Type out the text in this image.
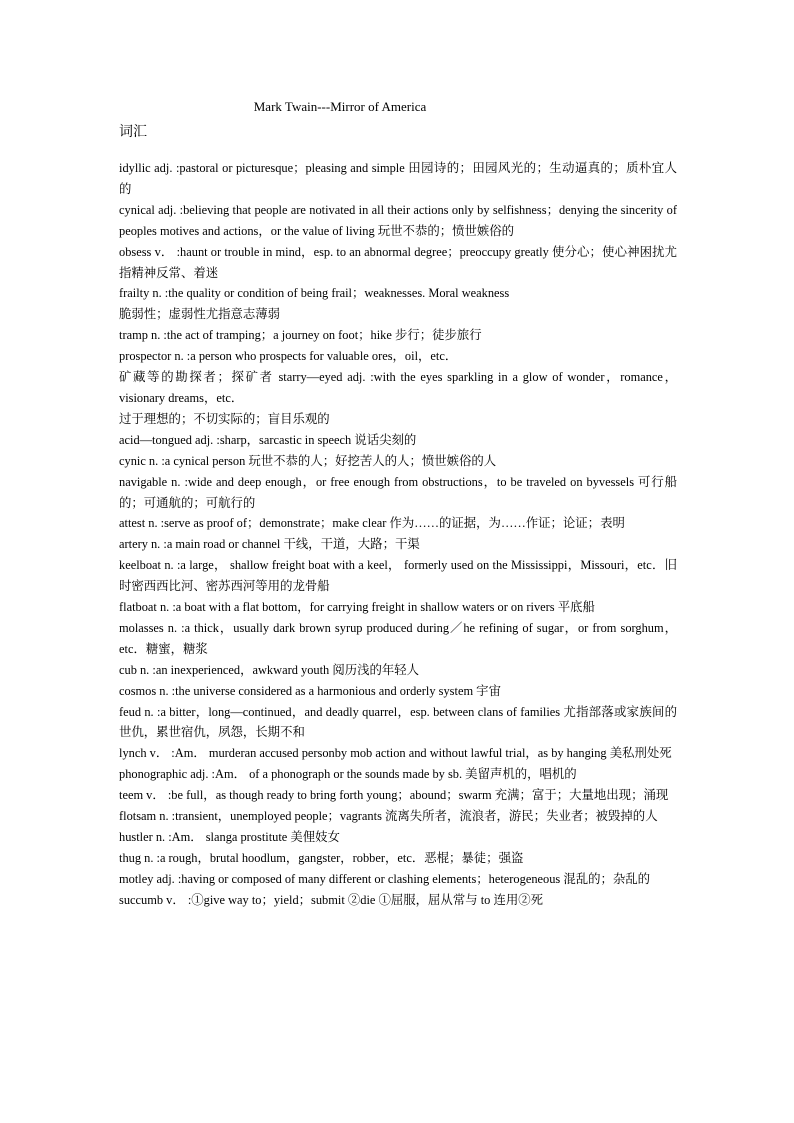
Mark Twain---Mirror of America
词汇

idyllic adj. :pastoral or picturesque；pleasing and simple 田园诗的；田园风光的；生动逼真的；质朴宜人的

cynical adj. :believing that people are notivated in all their actions only by selfishness；denying the sincerity of peoples motives and actions，or the value of living 玩世不恭的；愤世嫉俗的

obsess v． :haunt or trouble in mind，esp. to an abnormal degree；preoccupy greatly 使分心；使心神困扰尤指精神反常、着迷

frailty n. :the quality or condition of being frail；weaknesses. Moral weakness

脆弱性；虚弱性尤指意志薄弱

tramp n. :the act of tramping；a journey on foot；hike 步行；徒步旅行

prospector n. :a person who prospects for valuable ores，oil，etc．

矿藏等的勘探者；探矿者 starry—eyed adj. :with the eyes sparkling in a glow of wonder，romance，visionary dreams，etc．

过于理想的；不切实际的；盲目乐观的

acid—tongued adj. :sharp，sarcastic in speech 说话尖刻的

cynic n. :a cynical person 玩世不恭的人；好挖苦人的人；愤世嫉俗的人

navigable n. :wide and deep enough，or free enough from obstructions，to be traveled on byvessels 可行船的；可通航的；可航行的

attest n. :serve as proof of；demonstrate；make clear 作为……的证据，为……作证；论证；表明

artery n. :a main road or channel 干线，干道，大路；干渠

keelboat n. :a large， shallow freight boat with a keel， formerly used on the Mississippi，Missouri，etc．旧时密西西比河、密苏西河等用的龙骨船

flatboat n. :a boat with a flat bottom，for carrying freight in shallow waters or on rivers 平底船

molasses n. :a thick，usually dark brown syrup produced during／he refining of sugar，or from sorghum，etc．糖蜜，糖浆

cub n. :an inexperienced，awkward youth 阅历浅的年轻人

cosmos n. :the universe considered as a harmonious and orderly system 宇宙

feud n. :a bitter，long—continued，and deadly quarrel，esp. between clans of families 尤指部落或家族间的世仇，累世宿仇，夙怨，长期不和

lynch v． :Am． murderan accused personby mob action and without lawful trial，as by hanging 美私刑处死

phonographic adj. :Am． of a phonograph or the sounds made by sb. 美留声机的，唱机的

teem v． :be full，as though ready to bring forth young；abound；swarm 充满；富于；大量地出现；涌现

flotsam n. :transient，unemployed people；vagrants 流离失所者，流浪者，游民；失业者；被毁掉的人

hustler n. :Am． slanga prostitute 美俚妓女

thug n. :a rough，brutal hoodlum，gangster，robber，etc．恶棍；暴徒；强盗

motley adj. :having or composed of many different or clashing elements；heterogeneous 混乱的；杂乱的

succumb v． :①give way to；yield；submit ②die ①屈服，屈从常与 to 连用②死
